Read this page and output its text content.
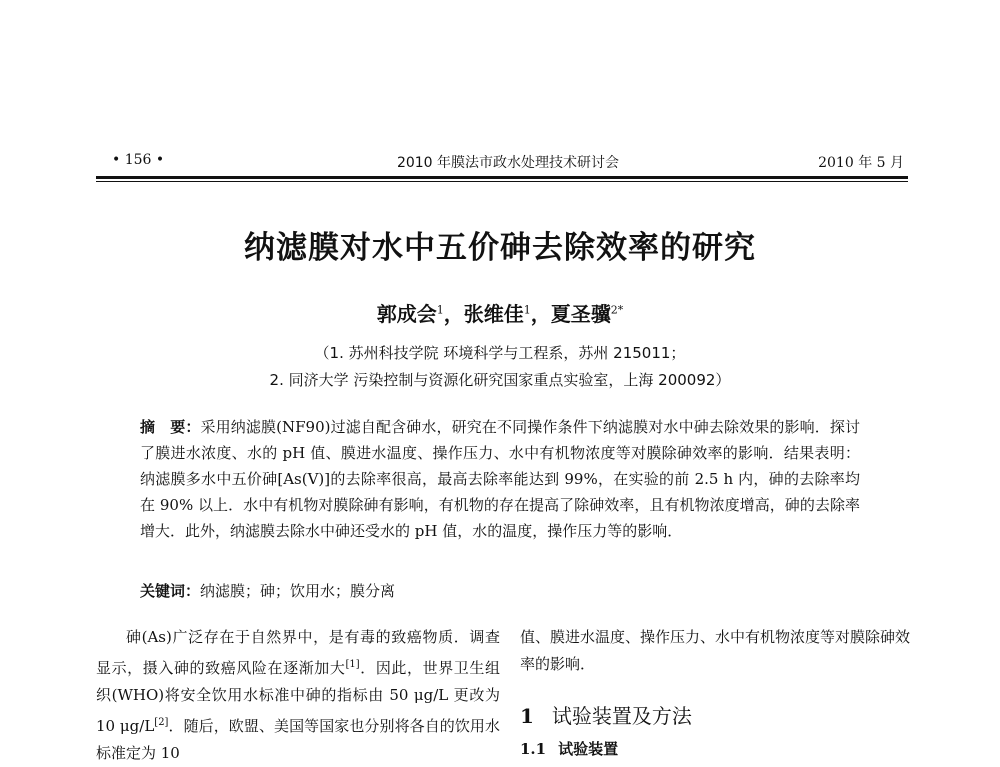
• 156 •	2010 年膜法市政水处理技术研讨会	2010 年 5 月
纳滤膜对水中五价砷去除效率的研究
郭成会$^1$，张维佳$^1$，夏圣骥$^{2*}$
（1. 苏州科技学院 环境科学与工程系，苏州 215011；
2. 同济大学 污染控制与资源化研究国家重点实验室，上海 200092）
摘　要：采用纳滤膜(NF90)过滤自配含砷水，研究在不同操作条件下纳滤膜对水中砷去除效果的影响．探讨了膜进水浓度、水的 pH 值、膜进水温度、操作压力、水中有机物浓度等对膜除砷效率的影响．结果表明：纳滤膜多水中五价砷[As(V)]的去除率很高，最高去除率能达到 99%，在实验的前 2.5 h 内，砷的去除率均在 90% 以上．水中有机物对膜除砷有影响，有机物的存在提高了除砷效率，且有机物浓度增高，砷的去除率增大．此外，纳滤膜去除水中砷还受水的 pH 值，水的温度，操作压力等的影响．
关键词：纳滤膜；砷；饮用水；膜分离
砷(As)广泛存在于自然界中，是有毒的致癌物质．调查显示，摄入砷的致癌风险在逐渐加大[1]．因此，世界卫生组织(WHO)将安全饮用水标准中砷的指标由 50 μg/L 更改为 10 μg/L[2]．随后，欧盟、美国等国家也分别将各自的饮用水标准定为 10
值、膜进水温度、操作压力、水中有机物浓度等对膜除砷效率的影响．
1 试验装置及方法
1.1 试验装置
